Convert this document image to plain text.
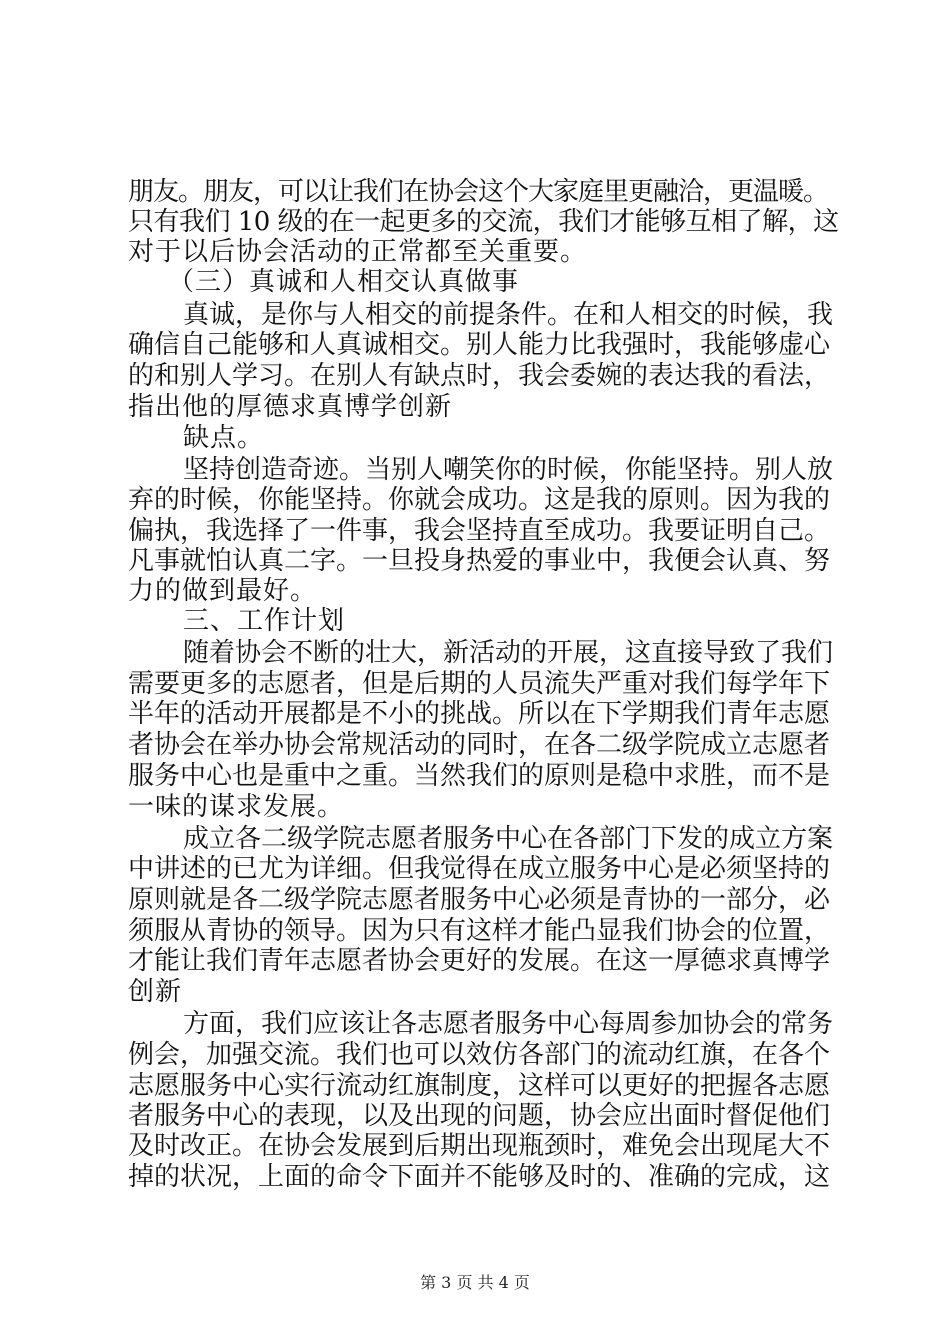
朋友。朋友，可以让我们在协会这个大家庭里更融洽，更温暖。
只有我们 10 级的在一起更多的交流，我们才能够互相了解，这
对于以后协会活动的正常都至关重要。
（三）真诚和人相交认真做事
真诚，是你与人相交的前提条件。在和人相交的时候，我
确信自己能够和人真诚相交。别人能力比我强时，我能够虚心
的和别人学习。在别人有缺点时，我会委婉的表达我的看法，
指出他的厚德求真博学创新
缺点。
坚持创造奇迹。当别人嘲笑你的时候，你能坚持。别人放
弃的时候，你能坚持。你就会成功。这是我的原则。因为我的
偏执，我选择了一件事，我会坚持直至成功。我要证明自己。
凡事就怕认真二字。一旦投身热爱的事业中，我便会认真、努
力的做到最好。
三、工作计划
随着协会不断的壮大，新活动的开展，这直接导致了我们
需要更多的志愿者，但是后期的人员流失严重对我们每学年下
半年的活动开展都是不小的挑战。所以在下学期我们青年志愿
者协会在举办协会常规活动的同时，在各二级学院成立志愿者
服务中心也是重中之重。当然我们的原则是稳中求胜，而不是
一味的谋求发展。
成立各二级学院志愿者服务中心在各部门下发的成立方案
中讲述的已尤为详细。但我觉得在成立服务中心是必须坚持的
原则就是各二级学院志愿者服务中心必须是青协的一部分，必
须服从青协的领导。因为只有这样才能凸显我们协会的位置，
才能让我们青年志愿者协会更好的发展。在这一厚德求真博学
创新
方面，我们应该让各志愿者服务中心每周参加协会的常务
例会，加强交流。我们也可以效仿各部门的流动红旗，在各个
志愿服务中心实行流动红旗制度，这样可以更好的把握各志愿
者服务中心的表现，以及出现的问题，协会应出面时督促他们
及时改正。在协会发展到后期出现瓶颈时，难免会出现尾大不
掉的状况，上面的命令下面并不能够及时的、准确的完成，这
第 3 页 共 4 页
